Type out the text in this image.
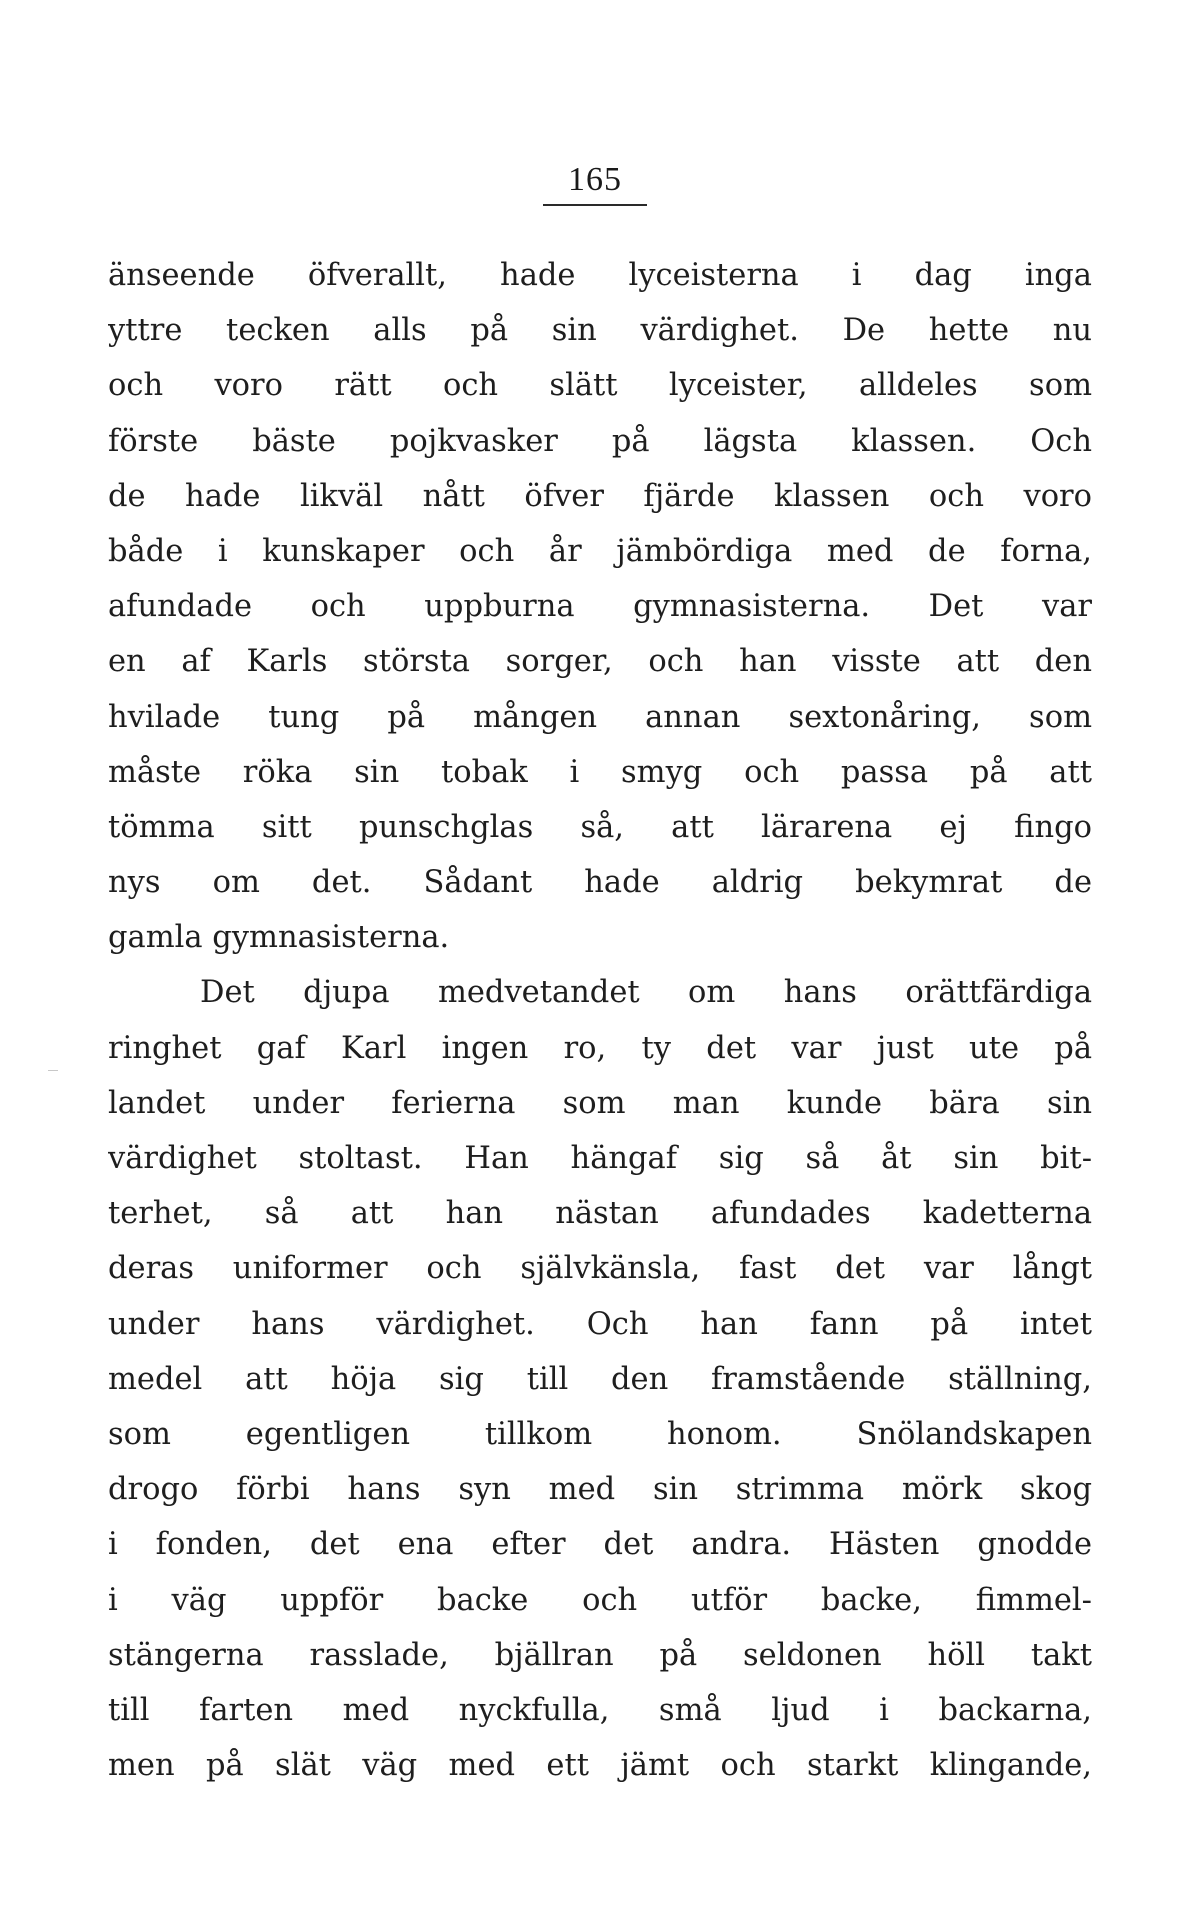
165
änseende öfverallt, hade lyceisterna i dag inga
yttre tecken alls på sin värdighet. De hette nu
och voro rätt och slätt lyceister, alldeles som
förste bäste pojkvasker på lägsta klassen. Och
de hade likväl nått öfver fjärde klassen och voro
både i kunskaper och år jämbördiga med de forna,
afundade och uppburna gymnasisterna. Det var
en af Karls största sorger, och han visste att den
hvilade tung på mången annan sextonåring, som
måste röka sin tobak i smyg och passa på att
tömma sitt punschglas så, att lärarena ej fingo
nys om det. Sådant hade aldrig bekymrat de
gamla gymnasisterna.
Det djupa medvetandet om hans orättfärdiga
ringhet gaf Karl ingen ro, ty det var just ute på
landet under ferierna som man kunde bära sin
värdighet stoltast. Han hängaf sig så åt sin bit-
terhet, så att han nästan afundades kadetterna
deras uniformer och självkänsla, fast det var långt
under hans värdighet. Och han fann på intet
medel att höja sig till den framstående ställning,
som egentligen tillkom honom. Snölandskapen
drogo förbi hans syn med sin strimma mörk skog
i fonden, det ena efter det andra. Hästen gnodde
i väg uppför backe och utför backe, fimmel-
stängerna rasslade, bjällran på seldonen höll takt
till farten med nyckfulla, små ljud i backarna,
men på slät väg med ett jämt och starkt klingande,
